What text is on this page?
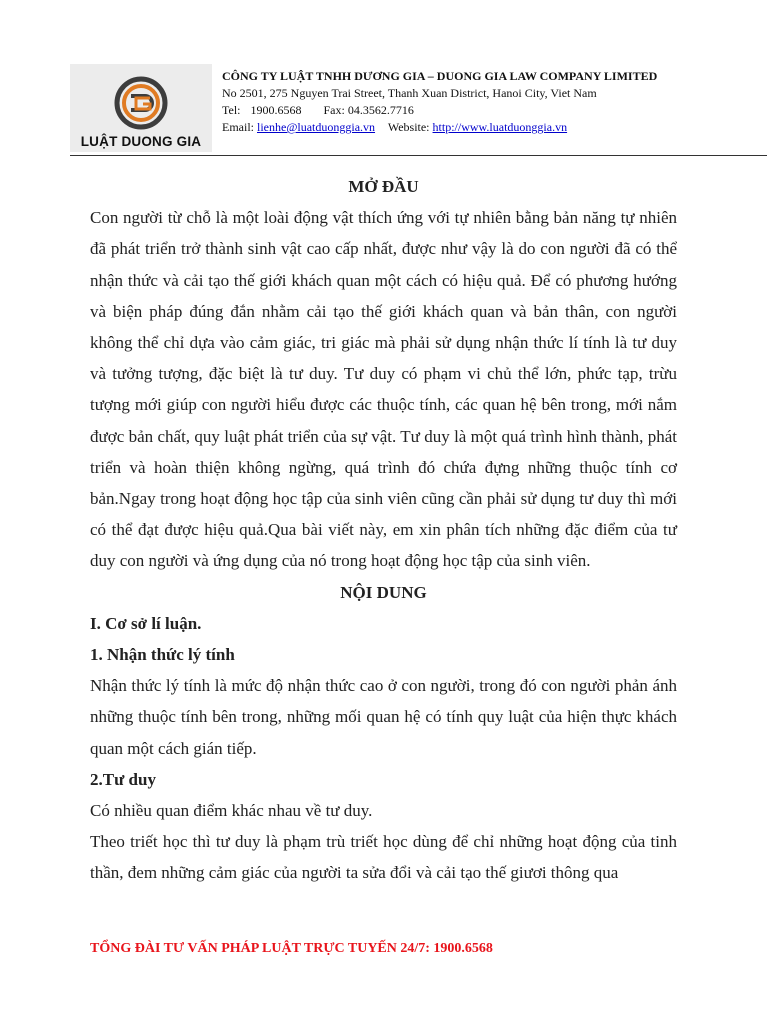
LUẬT DUONG GIA
CÔNG TY LUẬT TNHH DƯƠNG GIA – DUONG GIA LAW COMPANY LIMITED
No 2501, 275 Nguyen Trai Street, Thanh Xuan District, Hanoi City, Viet Nam
Tel: 1900.6568 Fax: 04.3562.7716
Email: lienhe@luatduonggia.vn Website: http://www.luatduonggia.vn

MỞ ĐẦU

Con người từ chỗ là một loài động vật thích ứng với tự nhiên bằng bản năng tự nhiên đã phát triển trở thành sinh vật cao cấp nhất, được như vậy là do con người đã có thể nhận thức và cải tạo thế giới khách quan một cách có hiệu quả. Để có phương hướng và biện pháp đúng đắn nhằm cải tạo thế giới khách quan và bản thân, con người không thể chỉ dựa vào cảm giác, tri giác mà phải sử dụng nhận thức lí tính là tư duy và tưởng tượng, đặc biệt là tư duy. Tư duy có phạm vi chủ thể lớn, phức tạp, trừu tượng mới giúp con người hiểu được các thuộc tính, các quan hệ bên trong, mới nắm được bản chất, quy luật phát triển của sự vật. Tư duy là một quá trình hình thành, phát triển và hoàn thiện không ngừng, quá trình đó chứa đựng những thuộc tính cơ bản.Ngay trong hoạt động học tập của sinh viên cũng cần phải sử dụng tư duy thì mới có thể đạt được hiệu quả.Qua bài viết này, em xin phân tích những đặc điểm của tư duy con người và ứng dụng của nó trong hoạt động học tập của sinh viên.

NỘI DUNG

I. Cơ sở lí luận.

1. Nhận thức lý tính

Nhận thức lý tính là mức độ nhận thức cao ở con người, trong đó con người phản ánh những thuộc tính bên trong, những mối quan hệ có tính quy luật của hiện thực khách quan một cách gián tiếp.

2.Tư duy

Có nhiều quan điểm khác nhau về tư duy.

Theo triết học thì tư duy là phạm trù triết học dùng để chỉ những hoạt động của tinh thần, đem những cảm giác của người ta sửa đổi và cải tạo thế giươi thông qua

TỔNG ĐÀI TƯ VẤN PHÁP LUẬT TRỰC TUYẾN 24/7: 1900.6568
